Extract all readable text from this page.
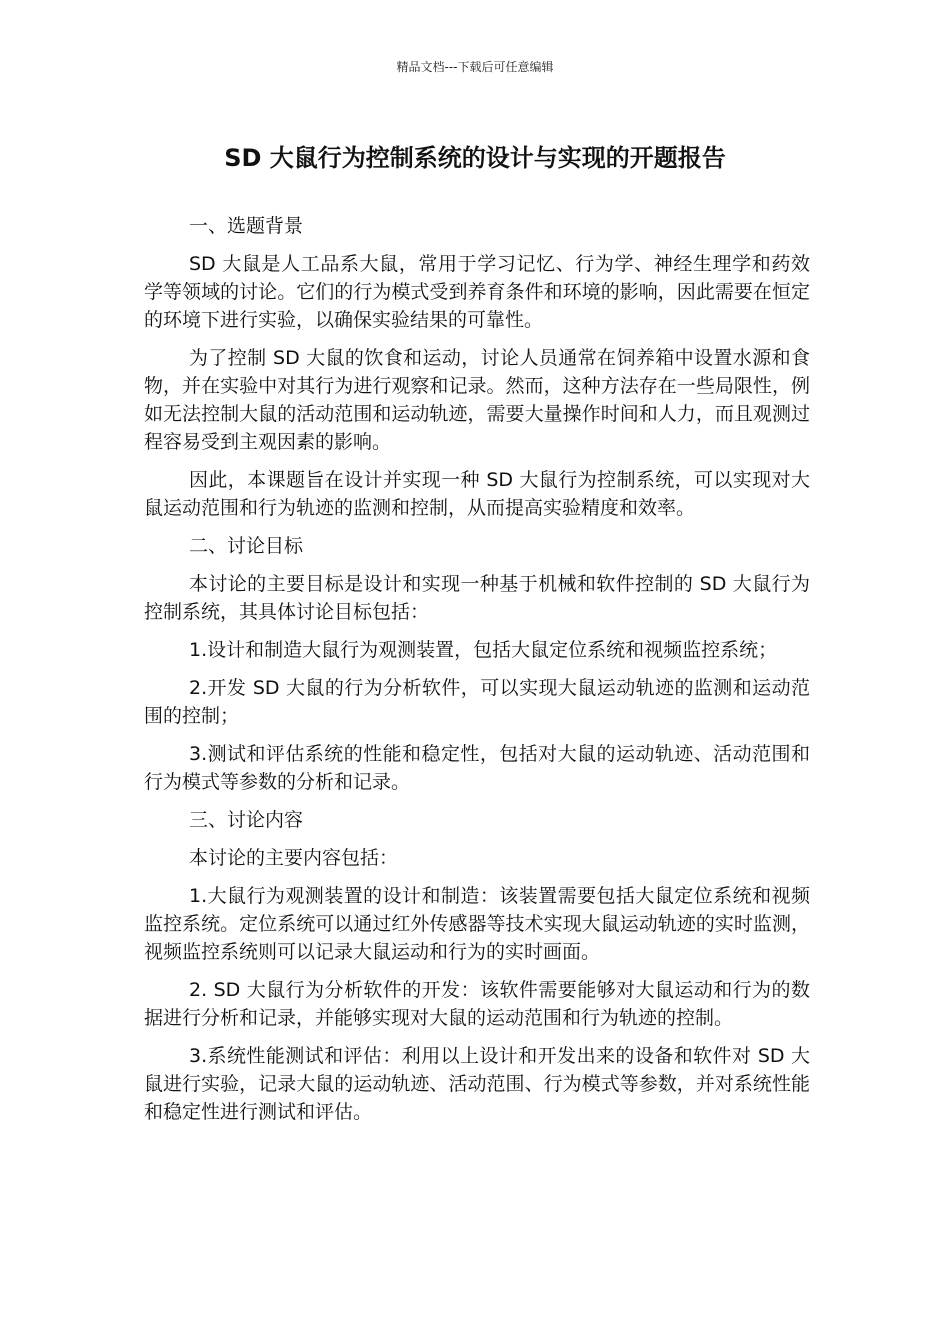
精品文档---下载后可任意编辑
SD 大鼠行为控制系统的设计与实现的开题报告

一、选题背景

SD 大鼠是人工品系大鼠，常用于学习记忆、行为学、神经生理学和药效学等领域的讨论。它们的行为模式受到养育条件和环境的影响，因此需要在恒定的环境下进行实验，以确保实验结果的可靠性。

为了控制 SD 大鼠的饮食和运动，讨论人员通常在饲养箱中设置水源和食物，并在实验中对其行为进行观察和记录。然而，这种方法存在一些局限性，例如无法控制大鼠的活动范围和运动轨迹，需要大量操作时间和人力，而且观测过程容易受到主观因素的影响。

因此，本课题旨在设计并实现一种 SD 大鼠行为控制系统，可以实现对大鼠运动范围和行为轨迹的监测和控制，从而提高实验精度和效率。

二、讨论目标

本讨论的主要目标是设计和实现一种基于机械和软件控制的 SD 大鼠行为控制系统，其具体讨论目标包括：

1.设计和制造大鼠行为观测装置，包括大鼠定位系统和视频监控系统；

2.开发 SD 大鼠的行为分析软件，可以实现大鼠运动轨迹的监测和运动范围的控制；

3.测试和评估系统的性能和稳定性，包括对大鼠的运动轨迹、活动范围和行为模式等参数的分析和记录。

三、讨论内容

本讨论的主要内容包括：

1.大鼠行为观测装置的设计和制造：该装置需要包括大鼠定位系统和视频监控系统。定位系统可以通过红外传感器等技术实现大鼠运动轨迹的实时监测，视频监控系统则可以记录大鼠运动和行为的实时画面。

2. SD 大鼠行为分析软件的开发：该软件需要能够对大鼠运动和行为的数据进行分析和记录，并能够实现对大鼠的运动范围和行为轨迹的控制。

3.系统性能测试和评估：利用以上设计和开发出来的设备和软件对 SD 大鼠进行实验，记录大鼠的运动轨迹、活动范围、行为模式等参数，并对系统性能和稳定性进行测试和评估。
